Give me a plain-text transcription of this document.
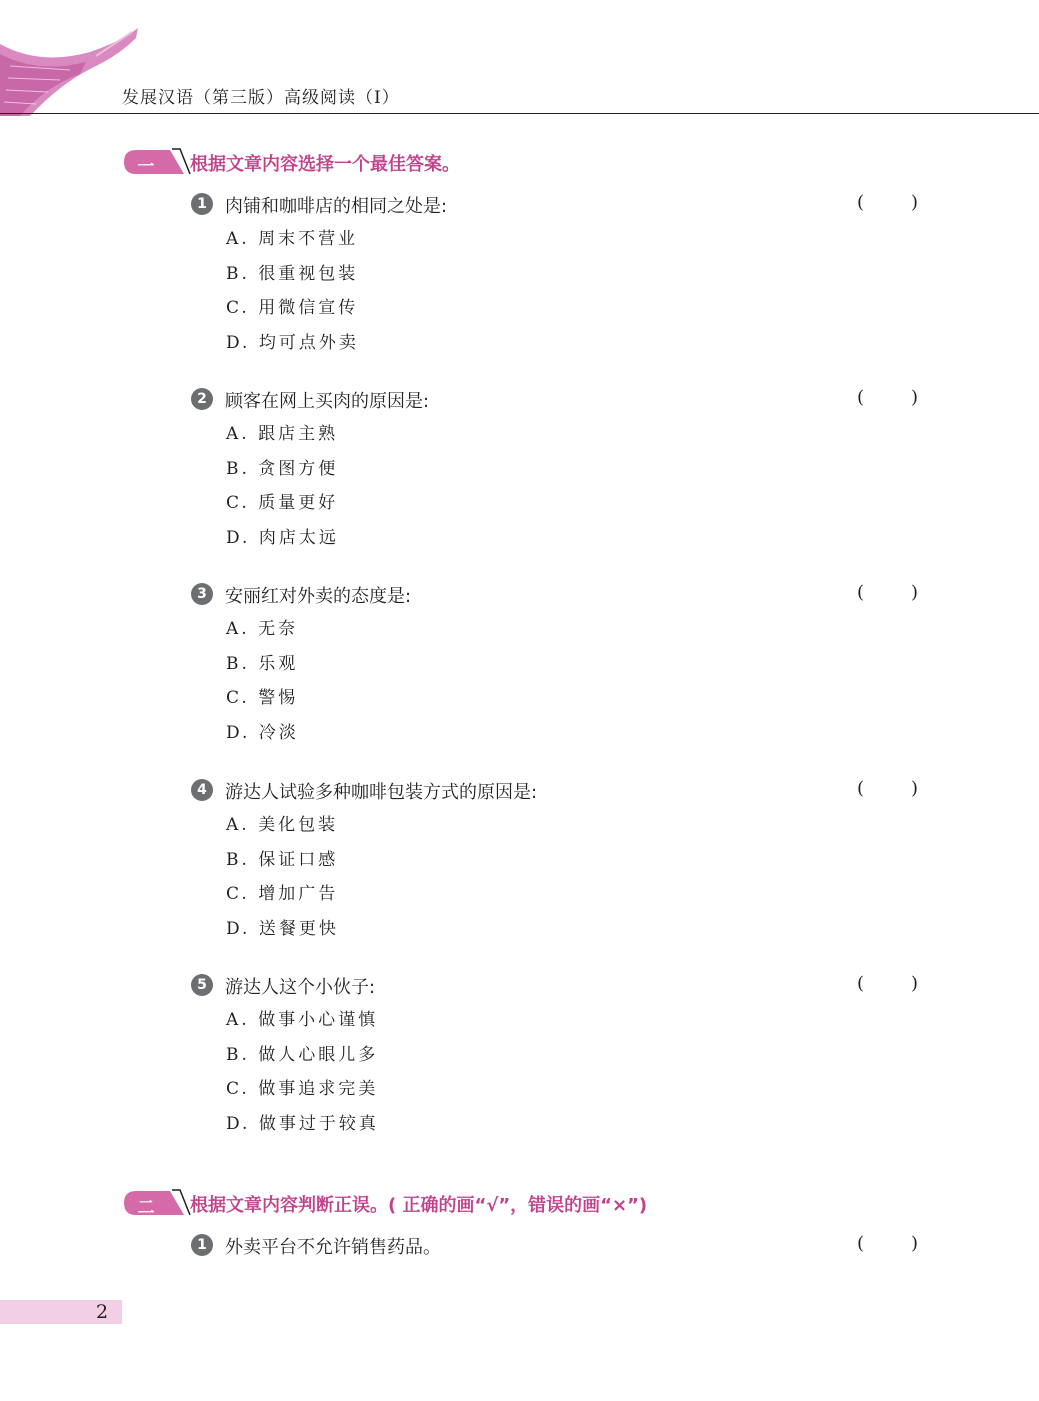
发展汉语（第三版）高级阅读（I）
一	根据文章内容选择一个最佳答案。
1	肉铺和咖啡店的相同之处是:	(	)
A. 周末不营业
B. 很重视包装
C. 用微信宣传
D. 均可点外卖
2	顾客在网上买肉的原因是:	(	)
A. 跟店主熟
B. 贪图方便
C. 质量更好
D. 肉店太远
3	安丽红对外卖的态度是:	(	)
A. 无奈
B. 乐观
C. 警惕
D. 冷淡
4	游达人试验多种咖啡包装方式的原因是:	(	)
A. 美化包装
B. 保证口感
C. 增加广告
D. 送餐更快
5	游达人这个小伙子:	(	)
A. 做事小心谨慎
B. 做人心眼儿多
C. 做事追求完美
D. 做事过于较真
二	根据文章内容判断正误。( 正确的画“√”，错误的画“×”)
1	外卖平台不允许销售药品。	(	)
2
